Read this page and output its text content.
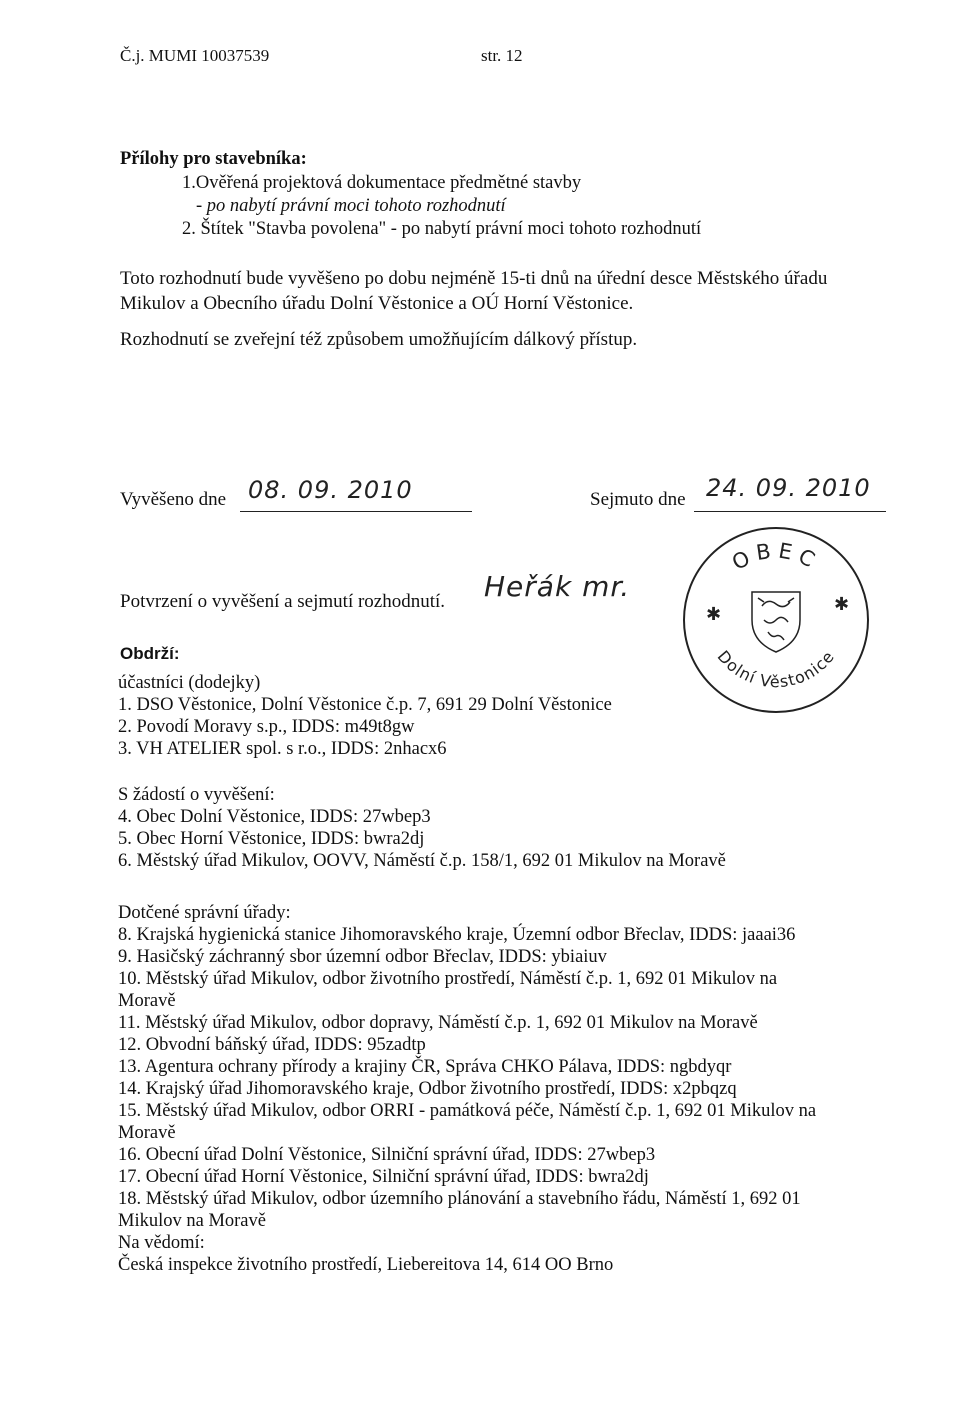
Č.j. MUMI 10037539	str. 12
Přílohy pro stavebníka:
1.Ověřená projektová dokumentace předmětné stavby
- po nabytí právní moci tohoto rozhodnutí
2. Štítek "Stavba povolena" - po nabytí právní moci tohoto rozhodnutí
Toto rozhodnutí bude vyvěšeno po dobu nejméně 15-ti dnů na úřední desce Městského úřadu
Mikulov a Obecního úřadu Dolní Věstonice a OÚ Horní Věstonice.
Rozhodnutí se zveřejní též způsobem umožňujícím dálkový přístup.
Vyvěšeno dne 08. 09. 2010	Sejmuto dne 24. 09. 2010
Potvrzení o vyvěšení a sejmutí rozhodnutí. Heřák mr.
OBEC
Dolní Věstonice
✱	✱
Obdrží:
účastníci (dodejky)
1. DSO Věstonice, Dolní Věstonice č.p. 7, 691 29 Dolní Věstonice
2. Povodí Moravy s.p., IDDS: m49t8gw
3. VH ATELIER spol. s r.o., IDDS: 2nhacx6
S žádostí o vyvěšení:
4. Obec Dolní Věstonice, IDDS: 27wbep3
5. Obec Horní Věstonice, IDDS: bwra2dj
6. Městský úřad Mikulov, OOVV, Náměstí č.p. 158/1, 692 01 Mikulov na Moravě
Dotčené správní úřady:
8. Krajská hygienická stanice Jihomoravského kraje, Územní odbor Břeclav, IDDS: jaaai36
9. Hasičský záchranný sbor územní odbor Břeclav, IDDS: ybiaiuv
10. Městský úřad Mikulov, odbor životního prostředí, Náměstí č.p. 1, 692 01 Mikulov na
Moravě
11. Městský úřad Mikulov, odbor dopravy, Náměstí č.p. 1, 692 01 Mikulov na Moravě
12. Obvodní báňský úřad, IDDS: 95zadtp
13. Agentura ochrany přírody a krajiny ČR, Správa CHKO Pálava, IDDS: ngbdyqr
14. Krajský úřad Jihomoravského kraje, Odbor životního prostředí, IDDS: x2pbqzq
15. Městský úřad Mikulov, odbor ORRI - památková péče, Náměstí č.p. 1, 692 01 Mikulov na
Moravě
16. Obecní úřad Dolní Věstonice, Silniční správní úřad, IDDS: 27wbep3
17. Obecní úřad Horní Věstonice, Silniční správní úřad, IDDS: bwra2dj
18. Městský úřad Mikulov, odbor územního plánování a stavebního řádu, Náměstí 1, 692 01
Mikulov na Moravě
Na vědomí:
Česká inspekce životního prostředí, Liebereitova 14, 614 OO Brno
